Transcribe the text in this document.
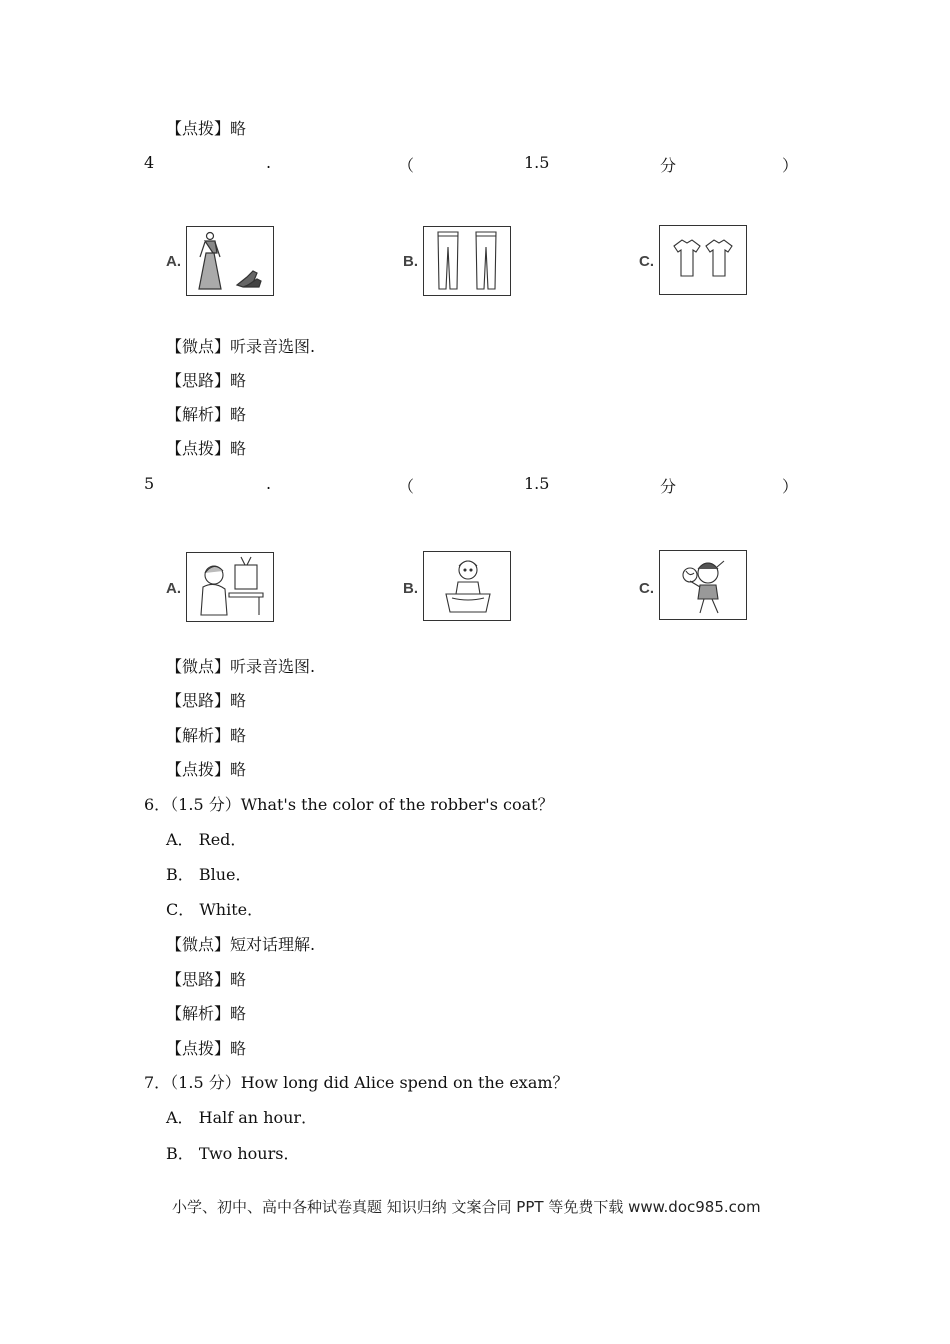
【点拨】略
4	.	（	1.5	分	）
A.	B.	C.
【微点】听录音选图.
【思路】略
【解析】略
【点拨】略
5	.	（	1.5	分	）
A.	B.	C.
【微点】听录音选图.
【思路】略
【解析】略
【点拨】略
6．（1.5 分）What's the color of the robber's coat？
A． Red．
B． Blue．
C． White．
【微点】短对话理解.
【思路】略
【解析】略
【点拨】略
7．（1.5 分）How long did Alice spend on the exam？
A． Half an hour．
B． Two hours．
小学、初中、高中各种试卷真题 知识归纳 文案合同 PPT 等免费下载 www.doc985.com
